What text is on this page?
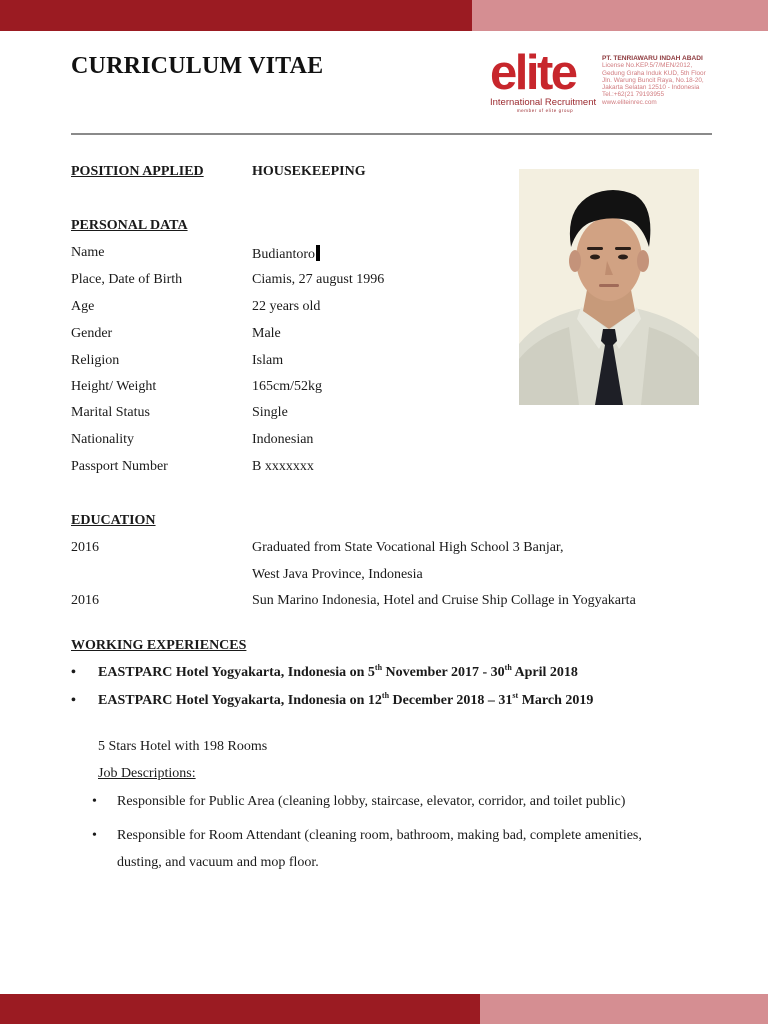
CURRICULUM VITAE	elite
International Recruitment
member of elite group
PT. TENRIAWARU INDAH ABADI
License No.KEP.5/7/MEN/2012,
Gedung Graha Induk KUD, 5th Floor
Jln. Warung Buncit Raya, No.18-20,
Jakarta Selatan 12510 - Indonesia
Tel.:+62(21 79193955
www.eliteinrec.com
POSITION APPLIED	HOUSEKEEPING
PERSONAL DATA
Name	Budiantoro
Place, Date of Birth	Ciamis, 27 august 1996
Age	22 years old
Gender	Male
Religion	Islam
Height/ Weight	165cm/52kg
Marital Status	Single
Nationality	Indonesian
Passport Number	B xxxxxxx
EDUCATION
2016	Graduated from State Vocational High School 3 Banjar,
West Java Province, Indonesia
2016	Sun Marino Indonesia, Hotel and Cruise Ship Collage in Yogyakarta
WORKING EXPERIENCES
• EASTPARC Hotel Yogyakarta, Indonesia on 5th November 2017 - 30th April 2018
• EASTPARC Hotel Yogyakarta, Indonesia on 12th December 2018 – 31st March 2019
5 Stars Hotel with 198 Rooms
Job Descriptions:
• Responsible for Public Area (cleaning lobby, staircase, elevator, corridor, and toilet public)
• Responsible for Room Attendant (cleaning room, bathroom, making bad, complete amenities,
dusting, and vacuum and mop floor.
